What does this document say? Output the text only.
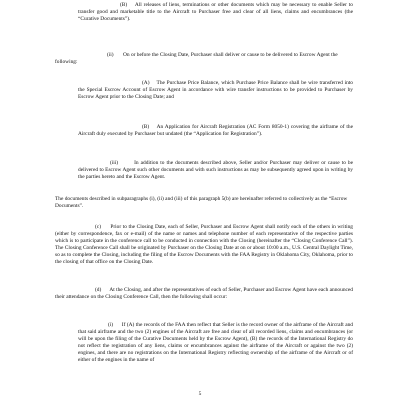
(B)    All releases of liens, terminations or other documents which may be necessary to enable Seller to transfer good and marketable title to the Aircraft to Purchaser free and clear of all liens, claims and encumbrances (the “Curative Documents”).

(ii)       On or before the Closing Date, Purchaser shall deliver or cause to be delivered to Escrow Agent the following:

(A)    The Purchase Price Balance, which Purchase Price Balance shall be wire transferred into the Special Escrow Account of Escrow Agent in accordance with wire transfer instructions to be provided to Purchaser by Escrow Agent prior to the Closing Date; and

(B)    An Application for Aircraft Registration (AC Form 8050-1) covering the airframe of the Aircraft duly executed by Purchaser but undated (the “Application for Registration”).

(iii)        In addition to the documents described above, Seller and/or Purchaser may deliver or cause to be delivered to Escrow Agent such other documents and with such instructions as may be subsequently agreed upon in writing by the parties hereto and the Escrow Agent.

The documents described in subparagraphs (i), (ii) and (iii) of this paragraph 5(b) are hereinafter referred to collectively as the “Escrow Documents”.

(c)      Prior to the Closing Date, each of Seller, Purchaser and Escrow Agent shall notify each of the others in writing (either by correspondence, fax or e-mail) of the name or names and telephone number of each representative of the respective parties which is to participate in the conference call to be conducted in connection with the Closing (hereinafter the “Closing Conference Call”). The Closing Conference Call shall be originated by Purchaser on the Closing Date at on or about 10:00 a.m., U.S. Central Daylight Time, so as to complete the Closing, including the filing of the Escrow Documents with the FAA Registry in Oklahoma City, Oklahoma, prior to the closing of that office on the Closing Date.

(d)      At the Closing, and after the representatives of each of Seller, Purchaser and Escrow Agent have each announced their attendance on the Closing Conference Call, then the following shall occur:

(i)      If (A) the records of the FAA then reflect that Seller is the record owner of the airframe of the Aircraft and that said airframe and the two (2) engines of the Aircraft are free and clear of all recorded liens, claims and encumbrances (or will be upon the filing of the Curative Documents held by the Escrow Agent), (B) the records of the International Registry do not reflect the registration of any liens, claims or encumbrances against the airframe of the Aircraft or against the two (2) engines, and there are no registrations on the International Registry reflecting ownership of the airframe of the Aircraft or of either of the engines in the name of

5
